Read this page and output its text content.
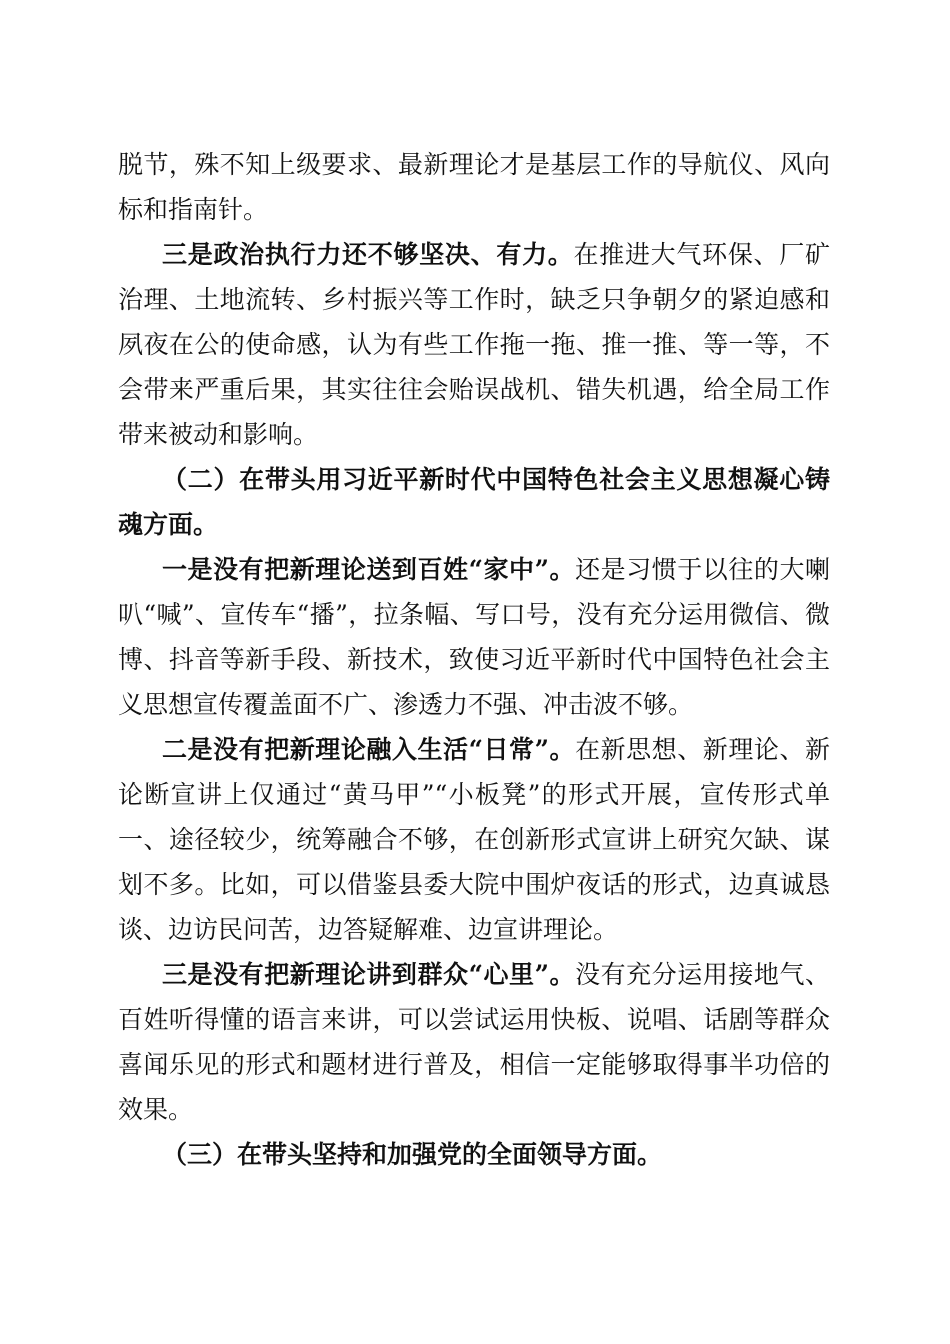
脱节，殊不知上级要求、最新理论才是基层工作的导航仪、风向标和指南针。

三是政治执行力还不够坚决、有力。在推进大气环保、厂矿治理、土地流转、乡村振兴等工作时，缺乏只争朝夕的紧迫感和夙夜在公的使命感，认为有些工作拖一拖、推一推、等一等，不会带来严重后果，其实往往会贻误战机、错失机遇，给全局工作带来被动和影响。

（二）在带头用习近平新时代中国特色社会主义思想凝心铸魂方面。

一是没有把新理论送到百姓“家中”。还是习惯于以往的大喇叭“喊”、宣传车“播”，拉条幅、写口号，没有充分运用微信、微博、抖音等新手段、新技术，致使习近平新时代中国特色社会主义思想宣传覆盖面不广、渗透力不强、冲击波不够。

二是没有把新理论融入生活“日常”。在新思想、新理论、新论断宣讲上仅通过“黄马甲”“小板凳”的形式开展，宣传形式单一、途径较少，统筹融合不够，在创新形式宣讲上研究欠缺、谋划不多。比如，可以借鉴县委大院中围炉夜话的形式，边真诚恳谈、边访民问苦，边答疑解难、边宣讲理论。

三是没有把新理论讲到群众“心里”。没有充分运用接地气、百姓听得懂的语言来讲，可以尝试运用快板、说唱、话剧等群众喜闻乐见的形式和题材进行普及，相信一定能够取得事半功倍的效果。

（三）在带头坚持和加强党的全面领导方面。
